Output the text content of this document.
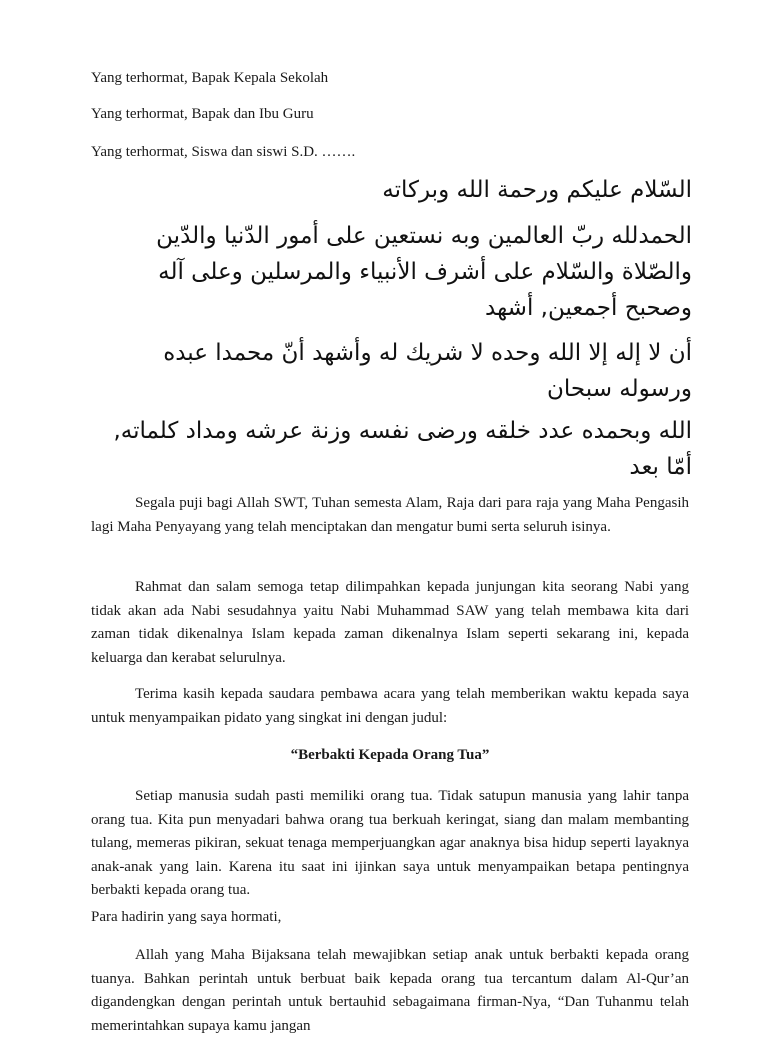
Yang terhormat, Bapak Kepala Sekolah
Yang terhormat, Bapak dan Ibu Guru
Yang terhormat, Siswa dan siswi S.D. …….
السّلام عليكم ورحمة الله وبركاته
الحمدلله ربّ العالمين وبه نستعين على أمور الدّنيا والدّين والصّلاة والسّلام على أشرف الأنبياء والمرسلين وعلى آله وصحبح أجمعين, أشهد
أن لا إله إلا الله وحده لا شريك له وأشهد أنّ محمدا عبده ورسوله سبحان
الله وبحمده عدد خلقه ورضى نفسه وزنة عرشه ومداد كلماته, أمّا بعد

Segala puji bagi Allah SWT, Tuhan semesta Alam, Raja dari para raja yang Maha Pengasih lagi Maha Penyayang yang telah menciptakan dan mengatur bumi serta seluruh isinya.

Rahmat dan salam semoga tetap dilimpahkan kepada junjungan kita seorang Nabi yang tidak akan ada Nabi sesudahnya yaitu Nabi Muhammad SAW yang telah membawa kita dari zaman tidak dikenalnya Islam kepada zaman dikenalnya Islam seperti sekarang ini, kepada keluarga dan kerabat selurulnya.

Terima kasih kepada saudara pembawa acara yang telah memberikan waktu kepada saya untuk menyampaikan pidato yang singkat ini dengan judul:

“Berbakti Kepada Orang Tua”

Setiap manusia sudah pasti memiliki orang tua. Tidak satupun manusia yang lahir tanpa orang tua. Kita pun menyadari bahwa orang tua berkuah keringat, siang dan malam membanting tulang, memeras pikiran, sekuat tenaga memperjuangkan agar anaknya bisa hidup seperti layaknya anak-anak yang lain. Karena itu saat ini ijinkan saya untuk menyampaikan betapa pentingnya berbakti kepada orang tua.

Para hadirin yang saya hormati,

Allah yang Maha Bijaksana telah mewajibkan setiap anak untuk berbakti kepada orang tuanya. Bahkan perintah untuk berbuat baik kepada orang tua tercantum dalam Al-Qur’an digandengkan dengan perintah untuk bertauhid sebagaimana firman-Nya, “Dan Tuhanmu telah memerintahkan supaya kamu jangan
